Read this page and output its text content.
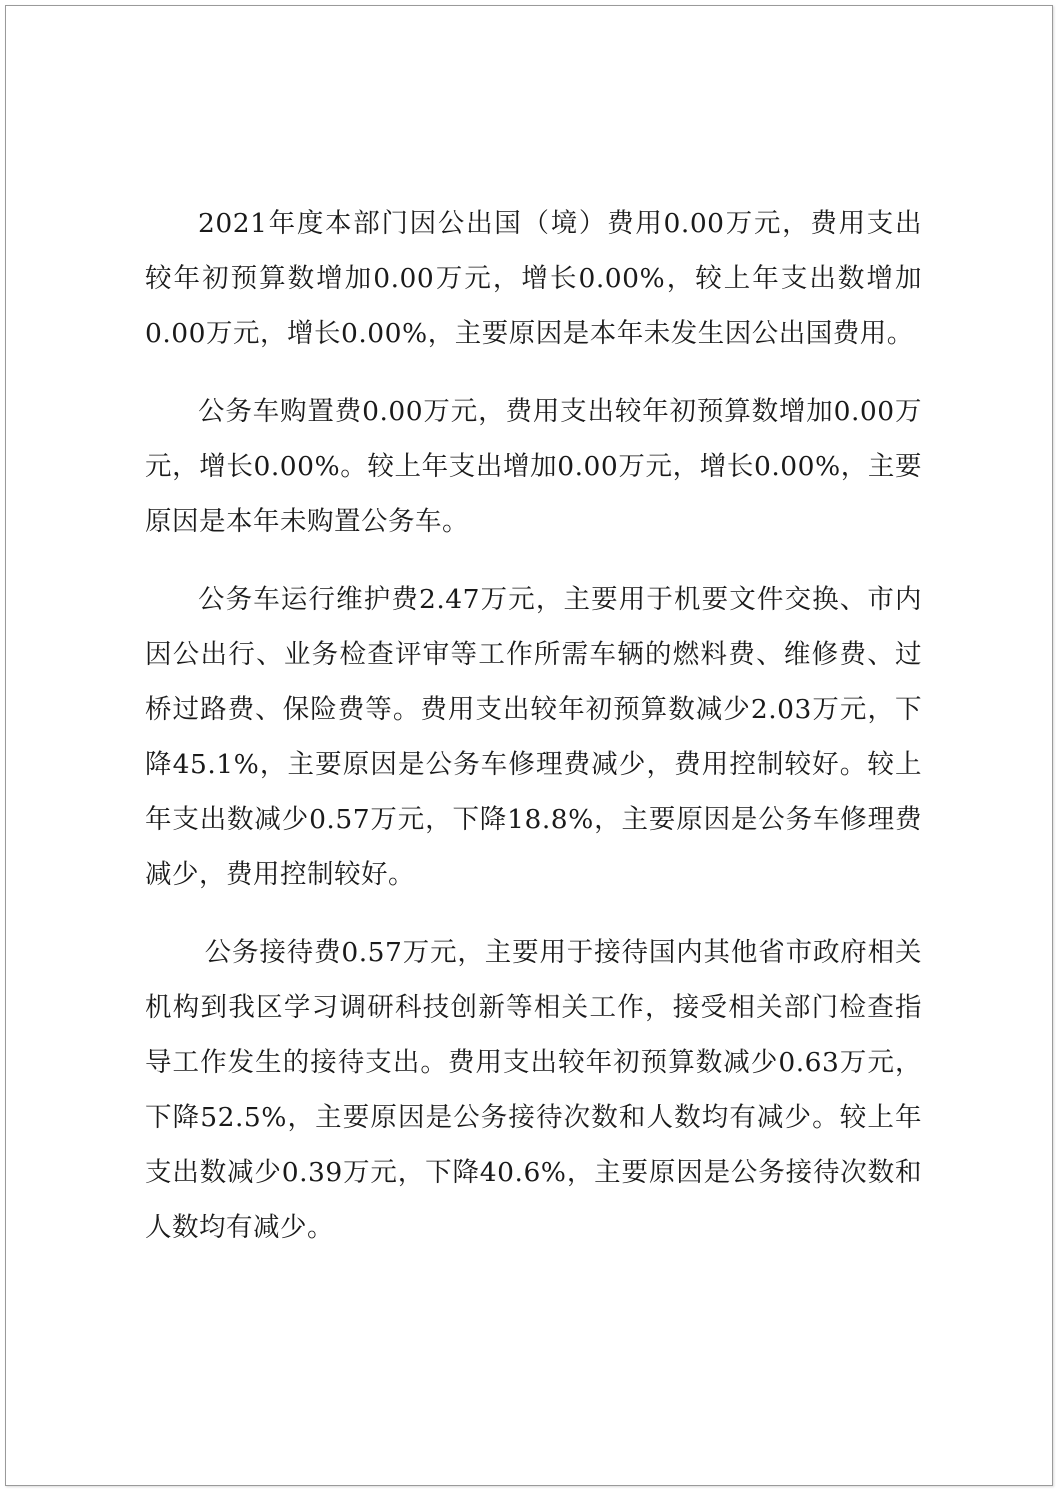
2021年度本部门因公出国（境）费用0.00万元，费用支出较年初预算数增加0.00万元，增长0.00%，较上年支出数增加0.00万元，增长0.00%，主要原因是本年未发生因公出国费用。

公务车购置费0.00万元，费用支出较年初预算数增加0.00万元，增长0.00%。较上年支出增加0.00万元，增长0.00%，主要原因是本年未购置公务车。

公务车运行维护费2.47万元，主要用于机要文件交换、市内因公出行、业务检查评审等工作所需车辆的燃料费、维修费、过桥过路费、保险费等。费用支出较年初预算数减少2.03万元，下降45.1%，主要原因是公务车修理费减少，费用控制较好。较上年支出数减少0.57万元，下降18.8%，主要原因是公务车修理费减少，费用控制较好。

公务接待费0.57万元，主要用于接待国内其他省市政府相关机构到我区学习调研科技创新等相关工作，接受相关部门检查指导工作发生的接待支出。费用支出较年初预算数减少0.63万元，下降52.5%，主要原因是公务接待次数和人数均有减少。较上年支出数减少0.39万元，下降40.6%，主要原因是公务接待次数和人数均有减少。
